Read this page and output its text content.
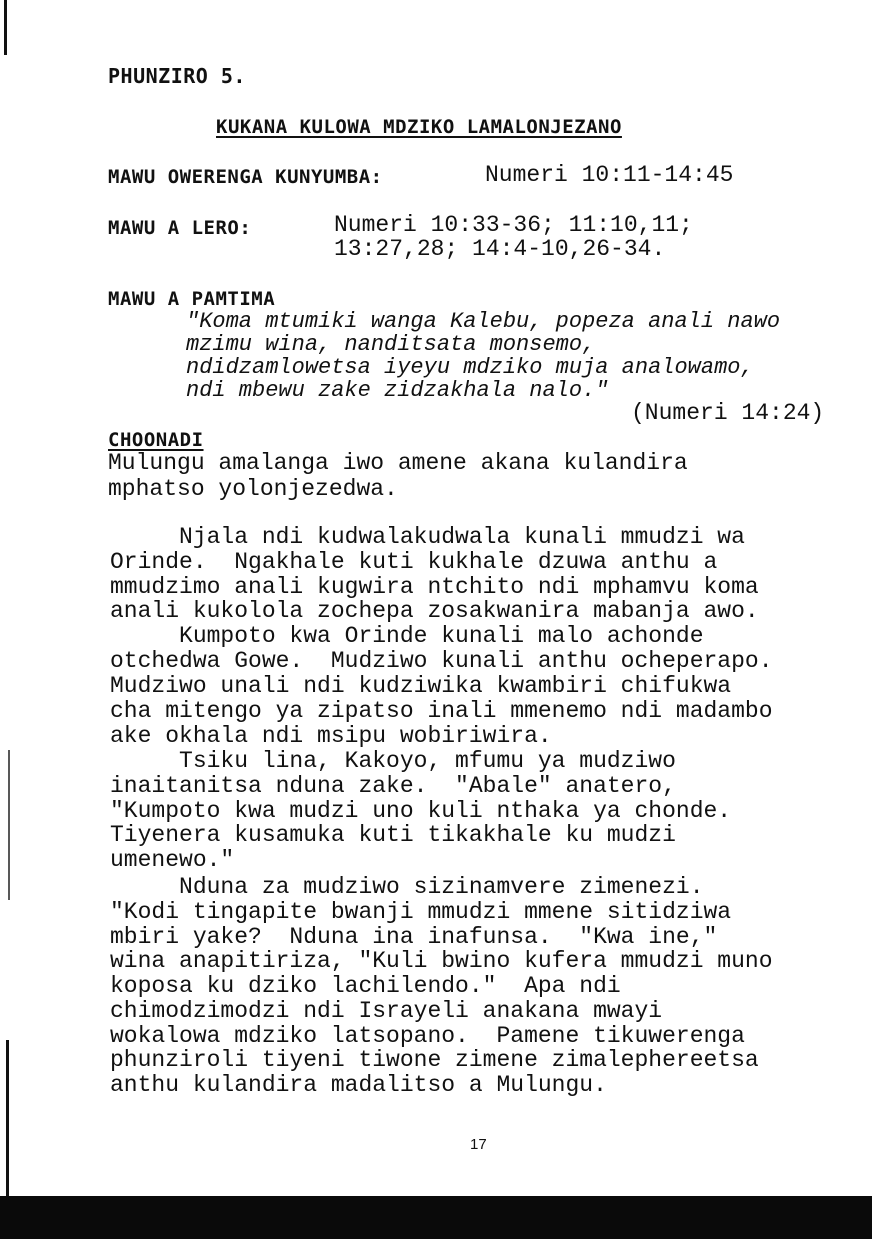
PHUNZIRO 5.
KUKANA KULOWA MDZIKO LAMALONJEZANO
MAWU OWERENGA KUNYUMBA:	Numeri 10:11-14:45
MAWU A LERO:	Numeri 10:33-36; 11:10,11;
13:27,28; 14:4-10,26-34.
MAWU A PAMTIMA
"Koma mtumiki wanga Kalebu, popeza anali nawo
mzimu wina, nanditsata monsemo,
ndidzamlowetsa iyeyu mdziko muja analowamo,
ndi mbewu zake zidzakhala nalo."
(Numeri 14:24)
CHOONADI
Mulungu amalanga iwo amene akana kulandira
mphatso yolonjezedwa.
Njala ndi kudwalakudwala kunali mmudzi wa
Orinde.  Ngakhale kuti kukhale dzuwa anthu a
mmudzimo anali kugwira ntchito ndi mphamvu koma
anali kukolola zochepa zosakwanira mabanja awo.
Kumpoto kwa Orinde kunali malo achonde
otchedwa Gowe.  Mudziwo kunali anthu ocheperapo.
Mudziwo unali ndi kudziwika kwambiri chifukwa
cha mitengo ya zipatso inali mmenemo ndi madambo
ake okhala ndi msipu wobiriwira.
Tsiku lina, Kakoyo, mfumu ya mudziwo
inaitanitsa nduna zake.  "Abale" anatero,
"Kumpoto kwa mudzi uno kuli nthaka ya chonde.
Tiyenera kusamuka kuti tikakhale ku mudzi
umenewo."
Nduna za mudziwo sizinamvere zimenezi.
"Kodi tingapite bwanji mmudzi mmene sitidziwa
mbiri yake?  Nduna ina inafunsa.  "Kwa ine,"
wina anapitiriza, "Kuli bwino kufera mmudzi muno
koposa ku dziko lachilendo."  Apa ndi
chimodzimodzi ndi Israyeli anakana mwayi
wokalowa mdziko latsopano.  Pamene tikuwerenga
phunziroli tiyeni tiwone zimene zimalephereetsa
anthu kulandira madalitso a Mulungu.
17
